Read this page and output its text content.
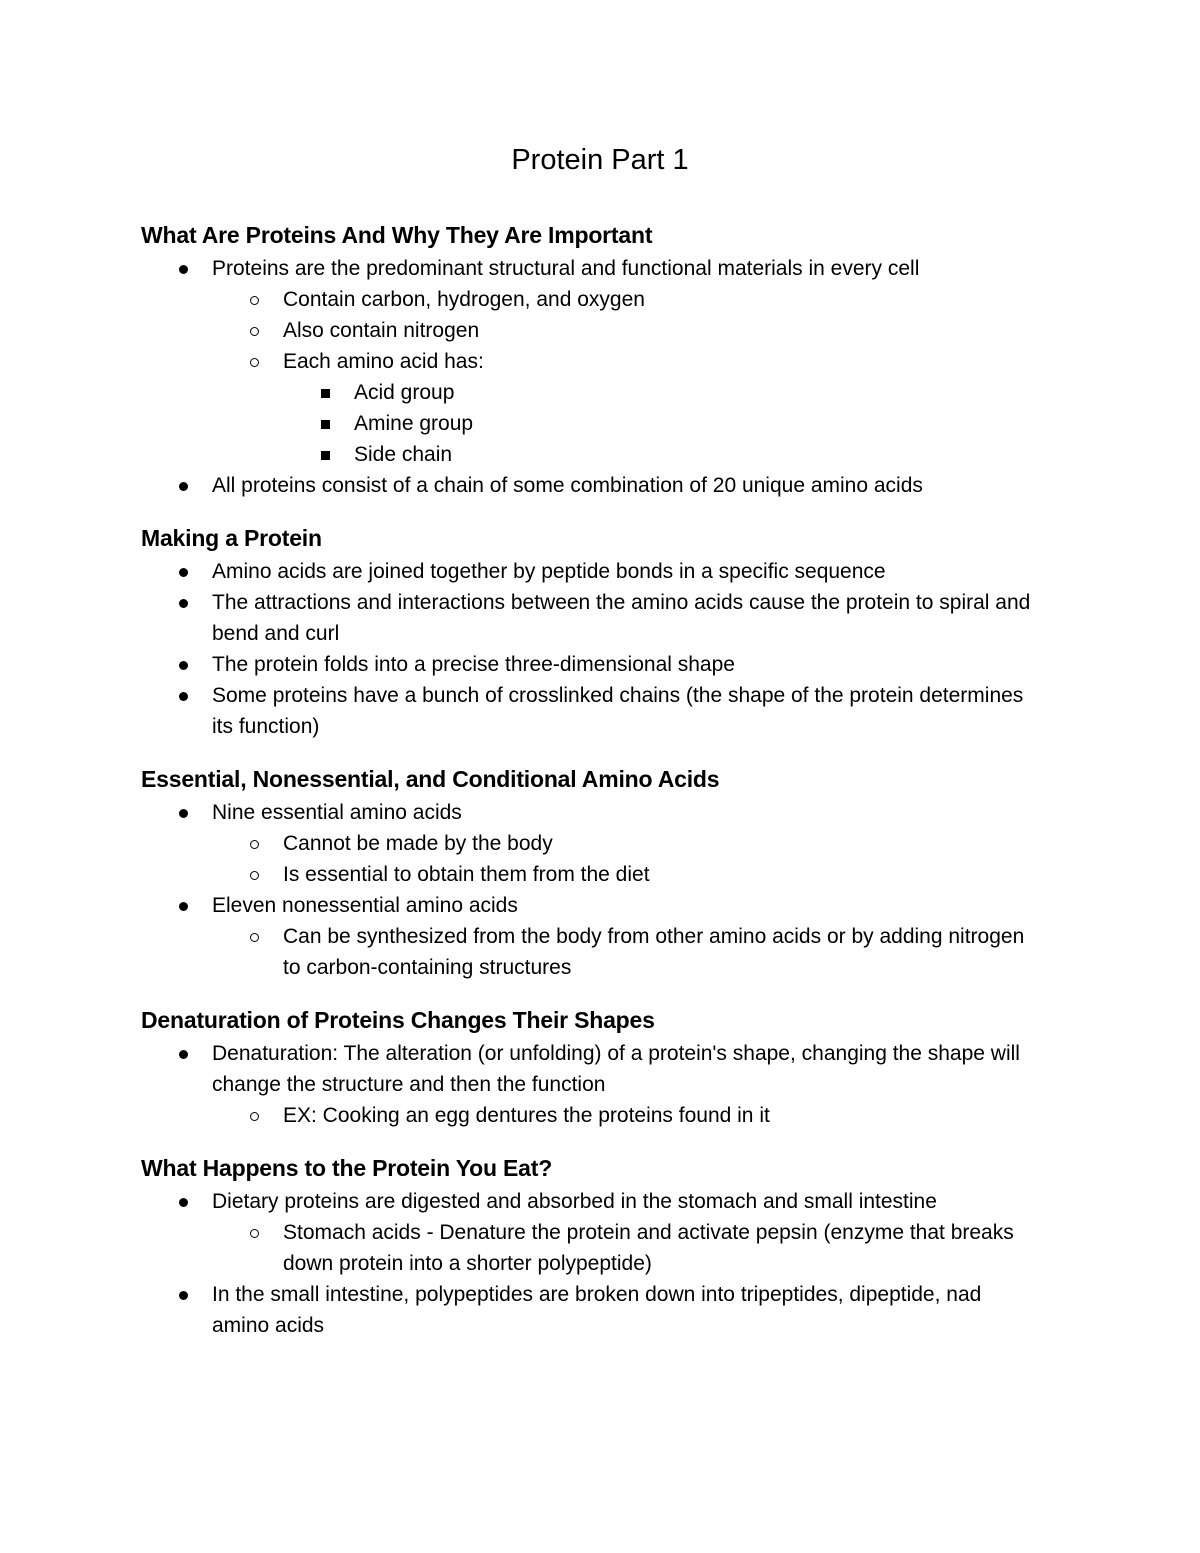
Protein Part 1
What Are Proteins And Why They Are Important
Proteins are the predominant structural and functional materials in every cell
Contain carbon, hydrogen, and oxygen
Also contain nitrogen
Each amino acid has:
Acid group
Amine group
Side chain
All proteins consist of a chain of some combination of 20 unique amino acids
Making a Protein
Amino acids are joined together by peptide bonds in a specific sequence
The attractions and interactions between the amino acids cause the protein to spiral and bend and curl
The protein folds into a precise three-dimensional shape
Some proteins have a bunch of crosslinked chains (the shape of the protein determines its function)
Essential, Nonessential, and Conditional Amino Acids
Nine essential amino acids
Cannot be made by the body
Is essential to obtain them from the diet
Eleven nonessential amino acids
Can be synthesized from the body from other amino acids or by adding nitrogen to carbon-containing structures
Denaturation of Proteins Changes Their Shapes
Denaturation: The alteration (or unfolding) of a protein's shape, changing the shape will change the structure and then the function
EX: Cooking an egg dentures the proteins found in it
What Happens to the Protein You Eat?
Dietary proteins are digested and absorbed in the stomach and small intestine
Stomach acids - Denature the protein and activate pepsin (enzyme that breaks down protein into a shorter polypeptide)
In the small intestine, polypeptides are broken down into tripeptides, dipeptide, nad amino acids
